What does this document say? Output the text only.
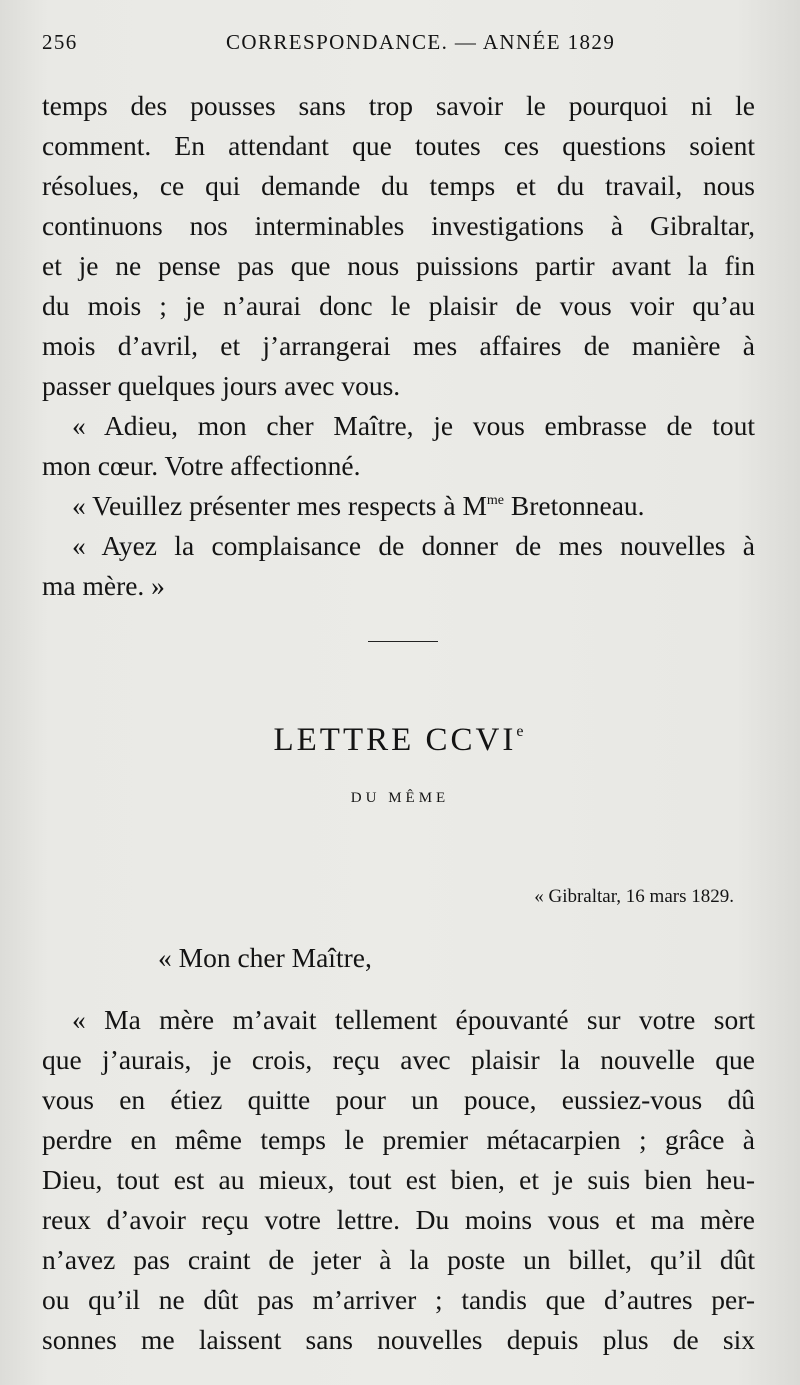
256	CORRESPONDANCE. — ANNÉE 1829
temps des pousses sans trop savoir le pourquoi ni le
comment. En attendant que toutes ces questions soient
résolues, ce qui demande du temps et du travail, nous
continuons nos interminables investigations à Gibraltar,
et je ne pense pas que nous puissions partir avant la fin
du mois ; je n’aurai donc le plaisir de vous voir qu’au
mois d’avril, et j’arrangerai mes affaires de manière à
passer quelques jours avec vous.
« Adieu, mon cher Maître, je vous embrasse de tout
mon cœur. Votre affectionné.
« Veuillez présenter mes respects à $M^{me}$ Bretonneau.
« Ayez la complaisance de donner de mes nouvelles à
ma mère. »
LETTRE CCVIe
DU MÊME
« Gibraltar, 16 mars 1829.
« Mon cher Maître,
« Ma mère m’avait tellement épouvanté sur votre sort
que j’aurais, je crois, reçu avec plaisir la nouvelle que
vous en étiez quitte pour un pouce, eussiez-vous dû
perdre en même temps le premier métacarpien ; grâce à
Dieu, tout est au mieux, tout est bien, et je suis bien heu-
reux d’avoir reçu votre lettre. Du moins vous et ma mère
n’avez pas craint de jeter à la poste un billet, qu’il dût
ou qu’il ne dût pas m’arriver ; tandis que d’autres per-
sonnes me laissent sans nouvelles depuis plus de six
